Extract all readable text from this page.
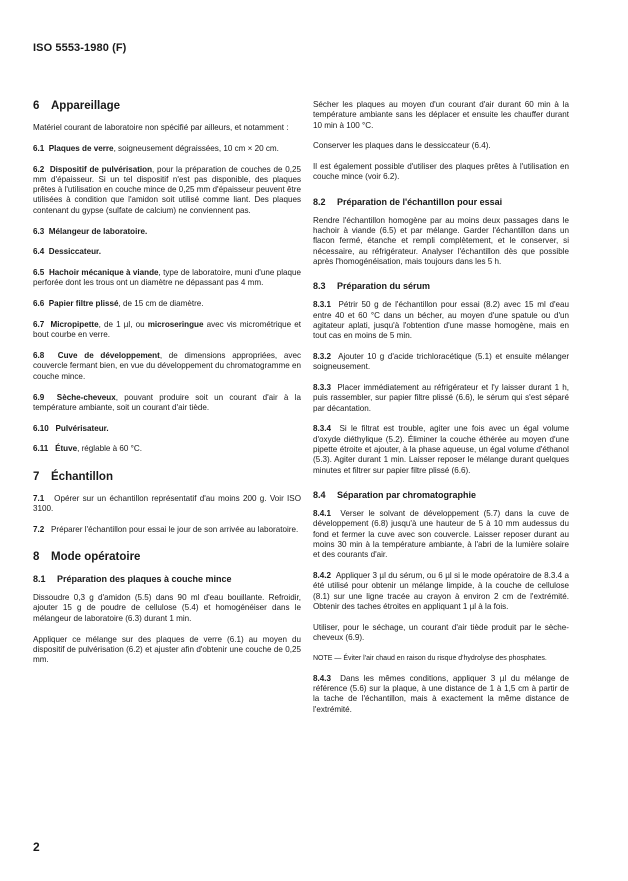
ISO 5553-1980 (F)
6 Appareillage

Matériel courant de laboratoire non spécifié par ailleurs, et notamment :

6.1 Plaques de verre, soigneusement dégraissées, 10 cm × 20 cm.

6.2 Dispositif de pulvérisation, pour la préparation de couches de 0,25 mm d'épaisseur. Si un tel dispositif n'est pas disponible, des plaques prêtes à l'utilisation en couche mince de 0,25 mm d'épaisseur peuvent être utilisées à condition que l'amidon soit utilisé comme liant. Des plaques contenant du gypse (sulfate de calcium) ne conviennent pas.

6.3 Mélangeur de laboratoire.

6.4 Dessiccateur.

6.5 Hachoir mécanique à viande, type de laboratoire, muni d'une plaque perforée dont les trous ont un diamètre ne dépassant pas 4 mm.

6.6 Papier filtre plissé, de 15 cm de diamètre.

6.7 Micropipette, de 1 µl, ou microseringue avec vis micrométrique et bout courbe en verre.

6.8 Cuve de développement, de dimensions appropriées, avec couvercle fermant bien, en vue du développement du chromatogramme en couche mince.

6.9 Sèche-cheveux, pouvant produire soit un courant d'air à la température ambiante, soit un courant d'air tiède.

6.10 Pulvérisateur.

6.11 Étuve, réglable à 60 °C.

7 Échantillon

7.1 Opérer sur un échantillon représentatif d'au moins 200 g. Voir ISO 3100.

7.2 Préparer l'échantillon pour essai le jour de son arrivée au laboratoire.

8 Mode opératoire
8.1 Préparation des plaques à couche mince

Dissoudre 0,3 g d'amidon (5.5) dans 90 ml d'eau bouillante. Refroidir, ajouter 15 g de poudre de cellulose (5.4) et homogénéiser dans le mélangeur de laboratoire (6.3) durant 1 min.

Appliquer ce mélange sur des plaques de verre (6.1) au moyen du dispositif de pulvérisation (6.2) et ajuster afin d'obtenir une couche de 0,25 mm.

Sécher les plaques au moyen d'un courant d'air durant 60 min à la température ambiante sans les déplacer et ensuite les chauffer durant 10 min à 100 °C.

Conserver les plaques dans le dessiccateur (6.4).

Il est également possible d'utiliser des plaques prêtes à l'utilisation en couche mince (voir 6.2).

8.2 Préparation de l'échantillon pour essai

Rendre l'échantillon homogène par au moins deux passages dans le hachoir à viande (6.5) et par mélange. Garder l'échantillon dans un flacon fermé, étanche et rempli complètement, et le conserver, si nécessaire, au réfrigérateur. Analyser l'échantillon dès que possible après l'homogénéisation, mais toujours dans les 5 h.

8.3 Préparation du sérum

8.3.1 Pétrir 50 g de l'échantillon pour essai (8.2) avec 15 ml d'eau entre 40 et 60 °C dans un bécher, au moyen d'une spatule ou d'un agitateur aplati, jusqu'à l'obtention d'une masse homogène, mais en tout cas en moins de 5 min.

8.3.2 Ajouter 10 g d'acide trichloracétique (5.1) et ensuite mélanger soigneusement.

8.3.3 Placer immédiatement au réfrigérateur et l'y laisser durant 1 h, puis rassembler, sur papier filtre plissé (6.6), le sérum qui s'est séparé par décantation.

8.3.4 Si le filtrat est trouble, agiter une fois avec un égal volume d'oxyde diéthylique (5.2). Éliminer la couche éthérée au moyen d'une pipette étroite et ajouter, à la phase aqueuse, un égal volume d'éthanol (5.3). Agiter durant 1 min. Laisser reposer le mélange durant quelques minutes et filtrer sur papier filtre plissé (6.6).

8.4 Séparation par chromatographie

8.4.1 Verser le solvant de développement (5.7) dans la cuve de développement (6.8) jusqu'à une hauteur de 5 à 10 mm audessus du fond et fermer la cuve avec son couvercle. Laisser reposer durant au moins 30 min à la température ambiante, à l'abri de la lumière solaire et des courants d'air.

8.4.2 Appliquer 3 µl du sérum, ou 6 µl si le mode opératoire de 8.3.4 a été utilisé pour obtenir un mélange limpide, à la couche de cellulose (8.1) sur une ligne tracée au crayon à environ 2 cm de l'extrémité. Obtenir des taches étroites en appliquant 1 µl à la fois.

Utiliser, pour le séchage, un courant d'air tiède produit par le sèche-cheveux (6.9).

NOTE — Éviter l'air chaud en raison du risque d'hydrolyse des phosphates.

8.4.3 Dans les mêmes conditions, appliquer 3 µl du mélange de référence (5.6) sur la plaque, à une distance de 1 à 1,5 cm à partir de la tache de l'échantillon, mais à exactement la même distance de l'extrémité.

2
